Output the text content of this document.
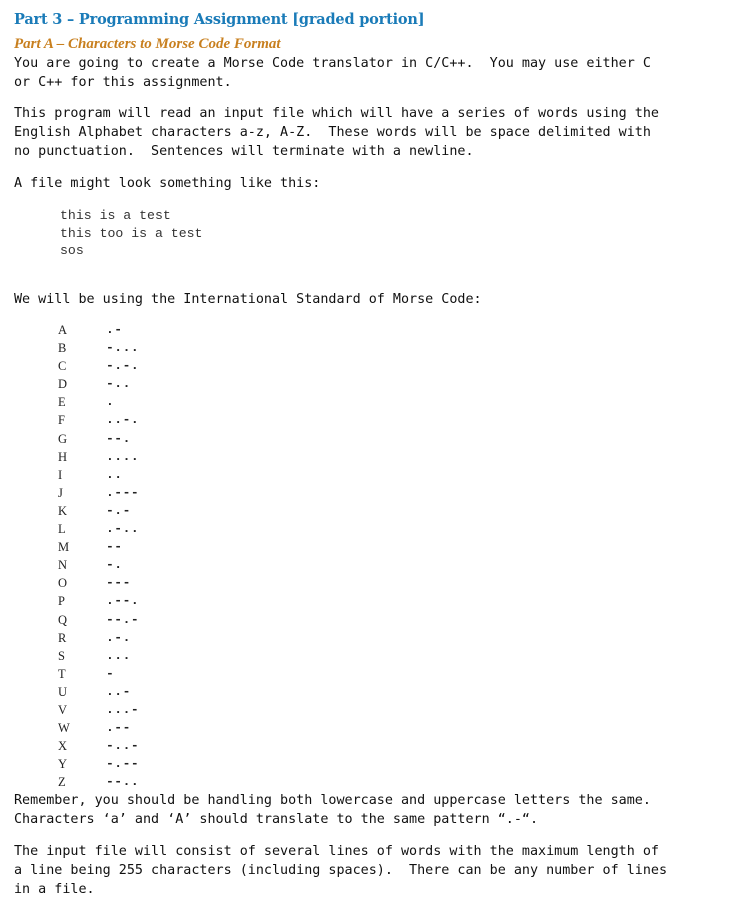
Part 3 – Programming Assignment [graded portion]
Part A – Characters to Morse Code Format

You are going to create a Morse Code translator in C/C++.  You may use either C
or C++ for this assignment.

This program will read an input file which will have a series of words using the
English Alphabet characters a-z, A-Z.  These words will be space delimited with
no punctuation.  Sentences will terminate with a newline.

A file might look something like this:

this is a test
this too is a test
sos

We will be using the International Standard of Morse Code:

A	.-
B	-...
C	-.-.
D	-..
E	.
F	..-.
G	--.
H	....
I	..
J	.---
K	-.-
L	.-..
M	--
N	-.
O	---
P	.--.
Q	--.-
R	.-.
S	...
T	-
U	..-
V	...-
W	.--
X	-..-
Y	-.--
Z	--..

Remember, you should be handling both lowercase and uppercase letters the same.
Characters ‘a’ and ‘A’ should translate to the same pattern “.-“.

The input file will consist of several lines of words with the maximum length of
a line being 255 characters (including spaces).  There can be any number of lines
in a file.
